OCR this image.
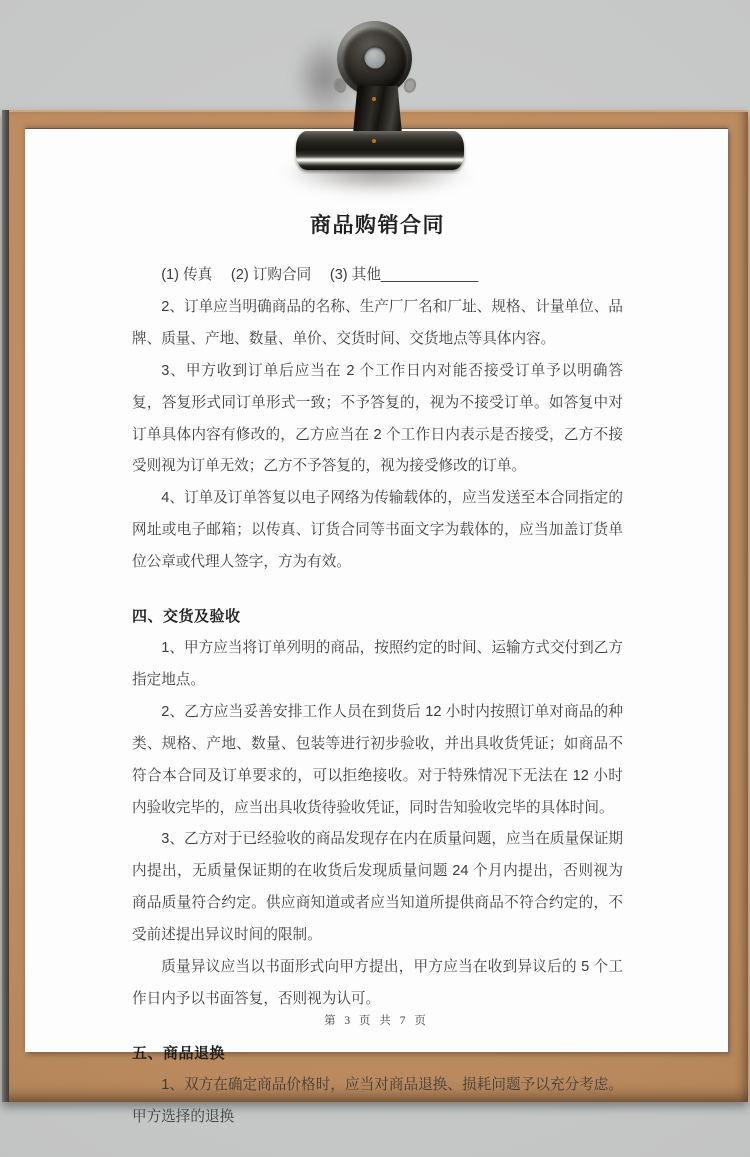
商品购销合同

(1) 传真　 (2) 订购合同　 (3) 其他____________

2、订单应当明确商品的名称、生产厂厂名和厂址、规格、计量单位、品牌、质量、产地、数量、单价、交货时间、交货地点等具体内容。

3、甲方收到订单后应当在 2 个工作日内对能否接受订单予以明确答复，答复形式同订单形式一致；不予答复的，视为不接受订单。如答复中对订单具体内容有修改的，乙方应当在 2 个工作日内表示是否接受，乙方不接受则视为订单无效；乙方不予答复的，视为接受修改的订单。

4、订单及订单答复以电子网络为传输载体的，应当发送至本合同指定的网址或电子邮箱；以传真、订货合同等书面文字为载体的，应当加盖订货单位公章或代理人签字，方为有效。

四、交货及验收

1、甲方应当将订单列明的商品，按照约定的时间、运输方式交付到乙方指定地点。

2、乙方应当妥善安排工作人员在到货后 12 小时内按照订单对商品的种类、规格、产地、数量、包装等进行初步验收，并出具收货凭证；如商品不符合本合同及订单要求的，可以拒绝接收。对于特殊情况下无法在 12 小时内验收完毕的，应当出具收货待验收凭证，同时告知验收完毕的具体时间。

3、乙方对于已经验收的商品发现存在内在质量问题，应当在质量保证期内提出，无质量保证期的在收货后发现质量问题 24 个月内提出，否则视为商品质量符合约定。供应商知道或者应当知道所提供商品不符合约定的，不受前述提出异议时间的限制。

质量异议应当以书面形式向甲方提出，甲方应当在收到异议后的 5 个工作日内予以书面答复，否则视为认可。

五、商品退换

1、双方在确定商品价格时，应当对商品退换、损耗问题予以充分考虑。甲方选择的退换

第 3 页 共 7 页
